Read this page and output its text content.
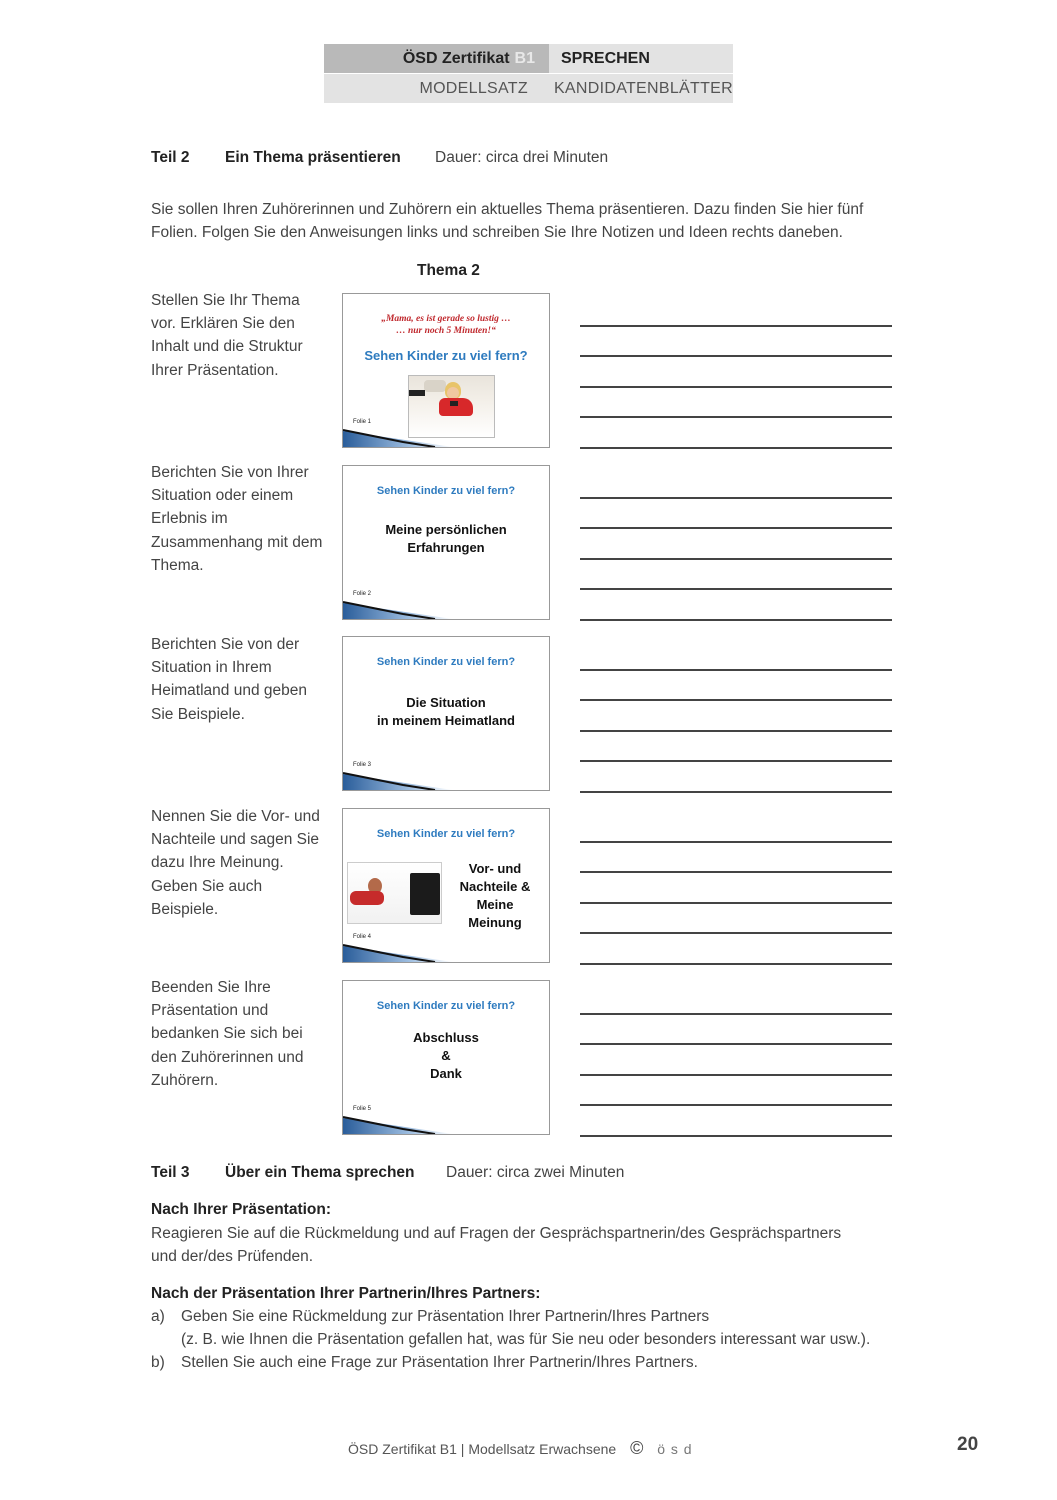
ÖSD Zertifikat B1	SPRECHEN
MODELLSATZ	KANDIDATENBLÄTTER
Teil 2 Ein Thema präsentieren Dauer: circa drei Minuten
Sie sollen Ihren Zuhörerinnen und Zuhörern ein aktuelles Thema präsentieren. Dazu finden Sie hier fünf
Folien. Folgen Sie den Anweisungen links und schreiben Sie Ihre Notizen und Ideen rechts daneben.
Thema 2
Stellen Sie Ihr Thema vor. Erklären Sie den Inhalt und die Struktur Ihrer Präsentation.
„Mama, es ist gerade so lustig …
… nur noch 5 Minuten!“
Sehen Kinder zu viel fern?
Folie 1
Berichten Sie von Ihrer Situation oder einem Erlebnis im Zusammenhang mit dem Thema.
Sehen Kinder zu viel fern?
Meine persönlichen
Erfahrungen
Folie 2
Berichten Sie von der Situation in Ihrem Heimatland und geben Sie Beispiele.
Sehen Kinder zu viel fern?
Die Situation
in meinem Heimatland
Folie 3
Nennen Sie die Vor- und Nachteile und sagen Sie dazu Ihre Meinung. Geben Sie auch Beispiele.
Sehen Kinder zu viel fern?
Vor- und
Nachteile &
Meine
Meinung
Folie 4
Beenden Sie Ihre Präsentation und bedanken Sie sich bei den Zuhörerinnen und Zuhörern.
Sehen Kinder zu viel fern?
Abschluss
&
Dank
Folie 5
Teil 3 Über ein Thema sprechen Dauer: circa zwei Minuten
Nach Ihrer Präsentation:
Reagieren Sie auf die Rückmeldung und auf Fragen der Gesprächspartnerin/des Gesprächspartners
und der/des Prüfenden.
Nach der Präsentation Ihrer Partnerin/Ihres Partners:
a) Geben Sie eine Rückmeldung zur Präsentation Ihrer Partnerin/Ihres Partners
(z. B. wie Ihnen die Präsentation gefallen hat, was für Sie neu oder besonders interessant war usw.).
b) Stellen Sie auch eine Frage zur Präsentation Ihrer Partnerin/Ihres Partners.
ÖSD Zertifikat B1 | Modellsatz Erwachsene © ö s d	20
